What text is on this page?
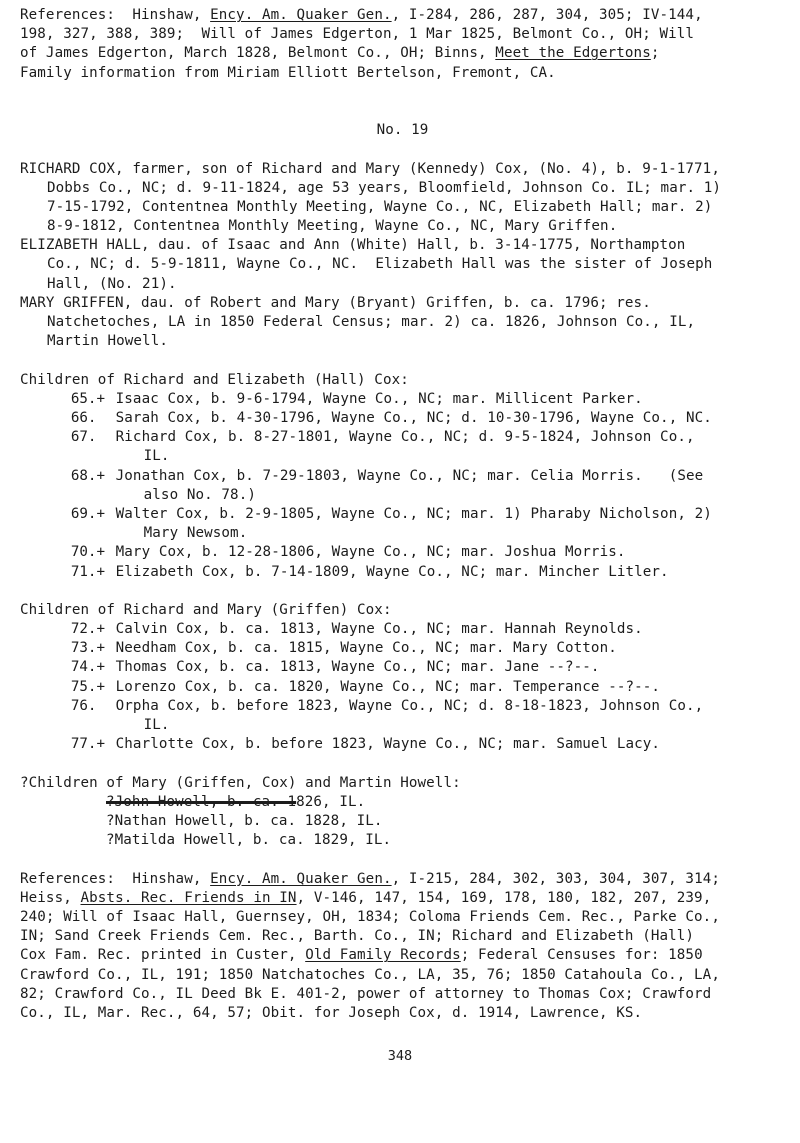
References:  Hinshaw, Ency. Am. Quaker Gen., I-284, 286, 287, 304, 305; IV-144,
198, 327, 388, 389;  Will of James Edgerton, 1 Mar 1825, Belmont Co., OH; Will
of James Edgerton, March 1828, Belmont Co., OH; Binns, Meet the Edgertons;
Family information from Miriam Elliott Bertelson, Fremont, CA.
No. 19
RICHARD COX, farmer, son of Richard and Mary (Kennedy) Cox, (No. 4), b. 9-1-1771,
Dobbs Co., NC; d. 9-11-1824, age 53 years, Bloomfield, Johnson Co. IL; mar. 1)
7-15-1792, Contentnea Monthly Meeting, Wayne Co., NC, Elizabeth Hall; mar. 2)
8-9-1812, Contentnea Monthly Meeting, Wayne Co., NC, Mary Griffen.
ELIZABETH HALL, dau. of Isaac and Ann (White) Hall, b. 3-14-1775, Northampton
Co., NC; d. 5-9-1811, Wayne Co., NC.  Elizabeth Hall was the sister of Joseph
Hall, (No. 21).
MARY GRIFFEN, dau. of Robert and Mary (Bryant) Griffen, b. ca. 1796; res.
Natchetoches, LA in 1850 Federal Census; mar. 2) ca. 1826, Johnson Co., IL,
Martin Howell.
Children of Richard and Elizabeth (Hall) Cox:
65.+ Isaac Cox, b. 9-6-1794, Wayne Co., NC; mar. Millicent Parker.
66. Sarah Cox, b. 4-30-1796, Wayne Co., NC; d. 10-30-1796, Wayne Co., NC.
67. Richard Cox, b. 8-27-1801, Wayne Co., NC; d. 9-5-1824, Johnson Co.,
IL.
68.+ Jonathan Cox, b. 7-29-1803, Wayne Co., NC; mar. Celia Morris.   (See
also No. 78.)
69.+ Walter Cox, b. 2-9-1805, Wayne Co., NC; mar. 1) Pharaby Nicholson, 2)
Mary Newsom.
70.+ Mary Cox, b. 12-28-1806, Wayne Co., NC; mar. Joshua Morris.
71.+ Elizabeth Cox, b. 7-14-1809, Wayne Co., NC; mar. Mincher Litler.
Children of Richard and Mary (Griffen) Cox:
72.+ Calvin Cox, b. ca. 1813, Wayne Co., NC; mar. Hannah Reynolds.
73.+ Needham Cox, b. ca. 1815, Wayne Co., NC; mar. Mary Cotton.
74.+ Thomas Cox, b. ca. 1813, Wayne Co., NC; mar. Jane --?--.
75.+ Lorenzo Cox, b. ca. 1820, Wayne Co., NC; mar. Temperance --?--.
76. Orpha Cox, b. before 1823, Wayne Co., NC; d. 8-18-1823, Johnson Co.,
IL.
77.+ Charlotte Cox, b. before 1823, Wayne Co., NC; mar. Samuel Lacy.
?Children of Mary (Griffen, Cox) and Martin Howell:
?John Howell, b. ca. 1826, IL.
?Nathan Howell, b. ca. 1828, IL.
?Matilda Howell, b. ca. 1829, IL.
References:  Hinshaw, Ency. Am. Quaker Gen., I-215, 284, 302, 303, 304, 307, 314;
Heiss, Absts. Rec. Friends in IN, V-146, 147, 154, 169, 178, 180, 182, 207, 239,
240; Will of Isaac Hall, Guernsey, OH, 1834; Coloma Friends Cem. Rec., Parke Co.,
IN; Sand Creek Friends Cem. Rec., Barth. Co., IN; Richard and Elizabeth (Hall)
Cox Fam. Rec. printed in Custer, Old Family Records; Federal Censuses for: 1850
Crawford Co., IL, 191; 1850 Natchatoches Co., LA, 35, 76; 1850 Catahoula Co., LA,
82; Crawford Co., IL Deed Bk E. 401-2, power of attorney to Thomas Cox; Crawford
Co., IL, Mar. Rec., 64, 57; Obit. for Joseph Cox, d. 1914, Lawrence, KS.
348
